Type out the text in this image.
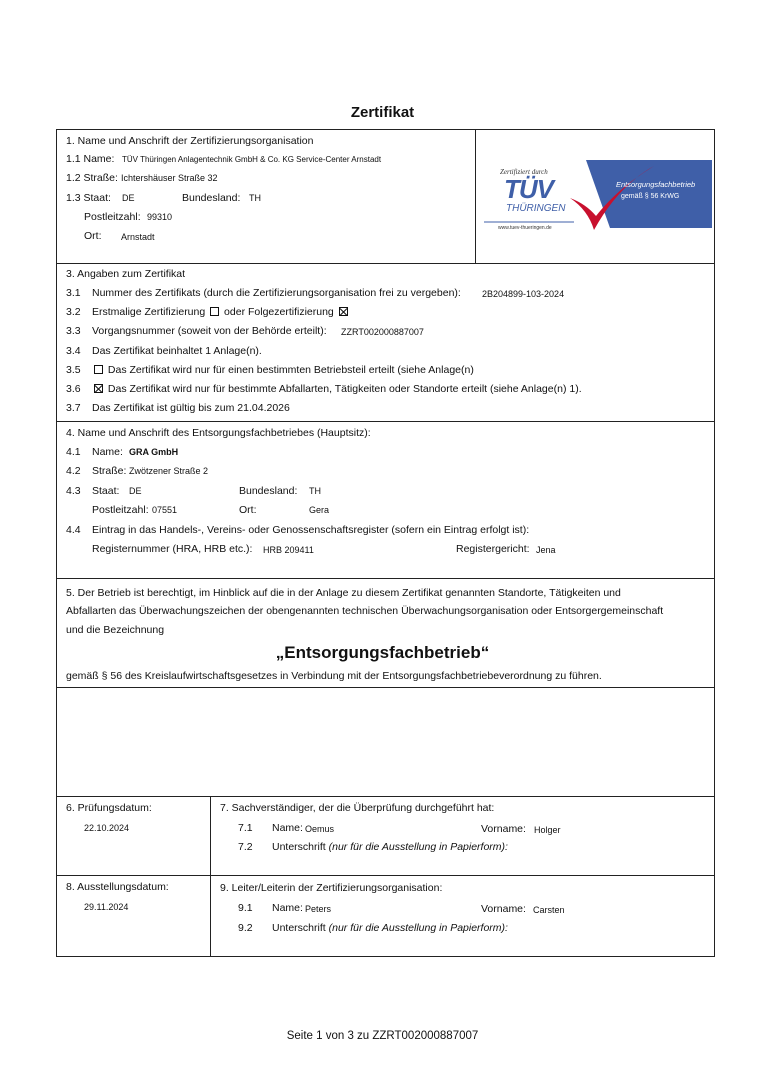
Zertifikat
1. Name und Anschrift der Zertifizierungsorganisation
1.1 Name: TÜV Thüringen Anlagentechnik GmbH & Co. KG Service-Center Arnstadt
1.2 Straße: Ichtershäuser Straße 32
1.3 Staat: DE	Bundesland: TH
Postleitzahl: 99310
Ort: Arnstadt
Zertifiziert durch
TÜV
THÜRINGEN
www.tuev-thueringen.de
Entsorgungsfachbetrieb
gemäß § 56 KrWG
3. Angaben zum Zertifikat
3.1 Nummer des Zertifikats (durch die Zertifizierungsorganisation frei zu vergeben): 2B204899-103-2024
3.2 Erstmalige Zertifizierung oder Folgezertifizierung
3.3 Vorgangsnummer (soweit von der Behörde erteilt): ZZRT002000887007
3.4 Das Zertifikat beinhaltet 1 Anlage(n).
3.5	Das Zertifikat wird nur für einen bestimmten Betriebsteil erteilt (siehe Anlage(n)
3.6	Das Zertifikat wird nur für bestimmte Abfallarten, Tätigkeiten oder Standorte erteilt (siehe Anlage(n) 1).
3.7 Das Zertifikat ist gültig bis zum 21.04.2026
4. Name und Anschrift des Entsorgungsfachbetriebes (Hauptsitz):
4.1 Name: GRA GmbH
4.2 Straße: Zwötzener Straße 2
4.3 Staat: DE	Bundesland: TH
Postleitzahl: 07551	Ort:	Gera
4.4 Eintrag in das Handels-, Vereins- oder Genossenschaftsregister (sofern ein Eintrag erfolgt ist):
Registernummer (HRA, HRB etc.): HRB 209411	Registergericht: Jena
5. Der Betrieb ist berechtigt, im Hinblick auf die in der Anlage zu diesem Zertifikat genannten Standorte, Tätigkeiten und
Abfallarten das Überwachungszeichen der obengenannten technischen Überwachungsorganisation oder Entsorgergemeinschaft
und die Bezeichnung
„Entsorgungsfachbetrieb“
gemäß § 56 des Kreislaufwirtschaftsgesetzes in Verbindung mit der Entsorgungsfachbetriebeverordnung zu führen.
6. Prüfungsdatum:
22.10.2024
7. Sachverständiger, der die Überprüfung durchgeführt hat:
7.1 Name: Oemus	Vorname: Holger
7.2 Unterschrift (nur für die Ausstellung in Papierform):
8. Ausstellungsdatum:
29.11.2024
9. Leiter/Leiterin der Zertifizierungsorganisation:
9.1 Name: Peters	Vorname: Carsten
9.2 Unterschrift (nur für die Ausstellung in Papierform):
Seite 1 von 3 zu ZZRT002000887007
